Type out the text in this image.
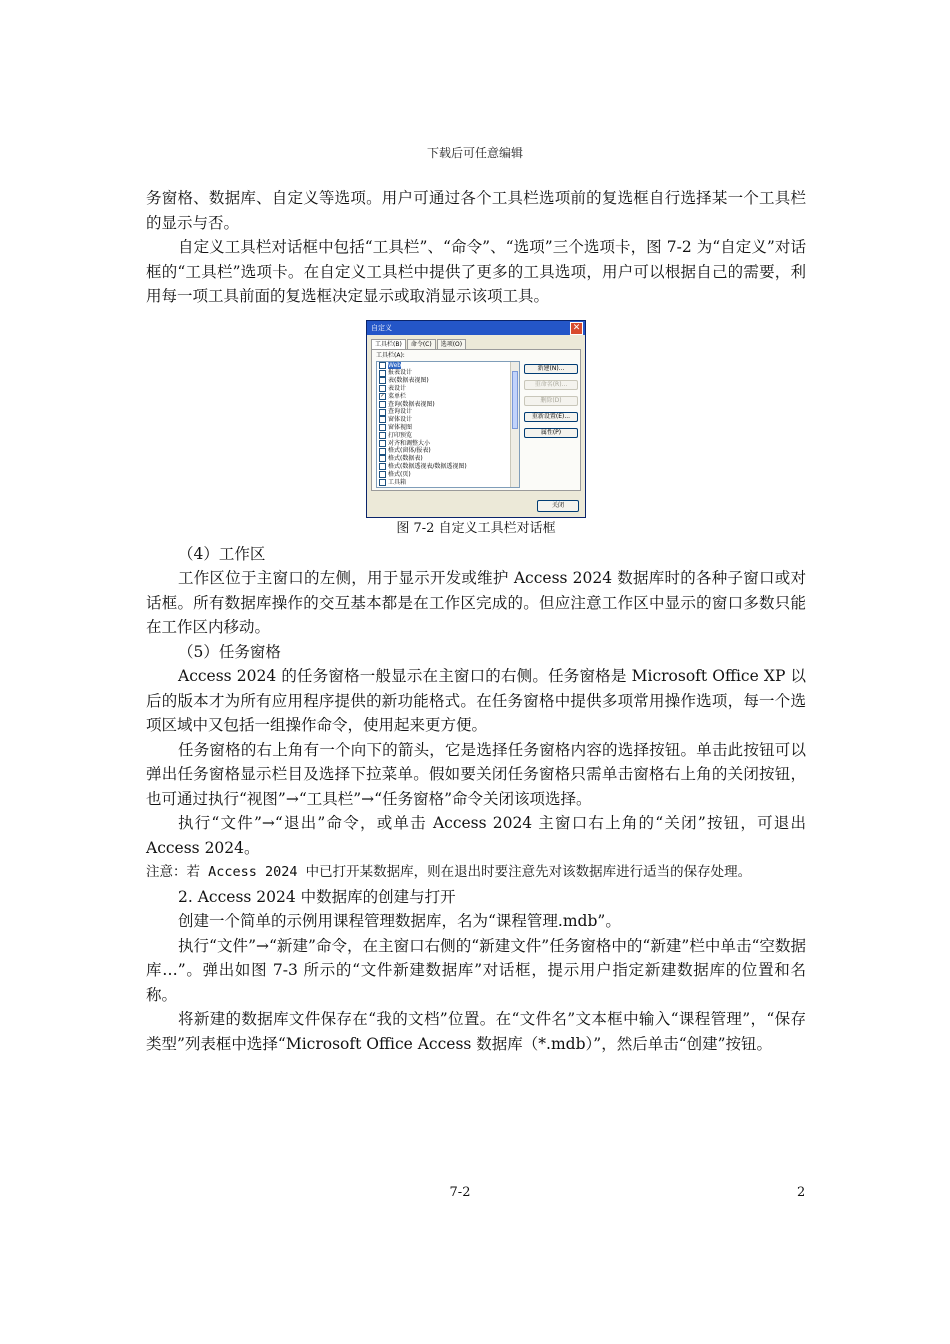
下载后可任意编辑

务窗格、数据库、自定义等选项。用户可通过各个工具栏选项前的复选框自行选择某一个工具栏的显示与否。

自定义工具栏对话框中包括“工具栏”、“命令”、“选项”三个选项卡，图 7-2 为“自定义”对话框的“工具栏”选项卡。在自定义工具栏中提供了更多的工具选项，用户可以根据自己的需要，利用每一项工具前面的复选框决定显示或取消显示该项工具。

自定义	✕
工具栏(B)	命令(C)	选项(O)
工具栏(A):
Web
报表设计
表(数据表视图)
表设计
✓ 菜单栏
查询(数据表视图)
查询设计
窗体设计
窗体视图
打印预览
对齐和调整大小
格式(窗体/报表)
格式(数据表)
格式(数据透视表/数据透视图)
格式(页)
工具箱
新建(N)...
重命名(R)...
删除(D)
重新设置(E)...
属性(P)
关闭
图 7-2 自定义工具栏对话框

（4）工作区

工作区位于主窗口的左侧，用于显示开发或维护 Access 2024 数据库时的各种子窗口或对话框。所有数据库操作的交互基本都是在工作区完成的。但应注意工作区中显示的窗口多数只能在工作区内移动。

（5）任务窗格

Access 2024 的任务窗格一般显示在主窗口的右侧。任务窗格是 Microsoft Office XP 以后的版本才为所有应用程序提供的新功能格式。在任务窗格中提供多项常用操作选项，每一个选项区域中又包括一组操作命令，使用起来更方便。

任务窗格的右上角有一个向下的箭头，它是选择任务窗格内容的选择按钮。单击此按钮可以弹出任务窗格显示栏目及选择下拉菜单。假如要关闭任务窗格只需单击窗格右上角的关闭按钮，也可通过执行“视图”→“工具栏”→“任务窗格”命令关闭该项选择。

执行“文件”→“退出”命令，或单击 Access 2024 主窗口右上角的“关闭”按钮，可退出 Access 2024。

注意：若 Access 2024 中已打开某数据库，则在退出时要注意先对该数据库进行适当的保存处理。

2. Access 2024 中数据库的创建与打开

创建一个简单的示例用课程管理数据库，名为“课程管理.mdb”。

执行“文件”→“新建”命令，在主窗口右侧的“新建文件”任务窗格中的“新建”栏中单击“空数据库…”。弹出如图 7-3 所示的“文件新建数据库”对话框，提示用户指定新建数据库的位置和名称。

将新建的数据库文件保存在“我的文档”位置。在“文件名”文本框中输入“课程管理”，“保存类型”列表框中选择“Microsoft Office Access 数据库（*.mdb）”，然后单击“创建”按钮。

7-2	2
